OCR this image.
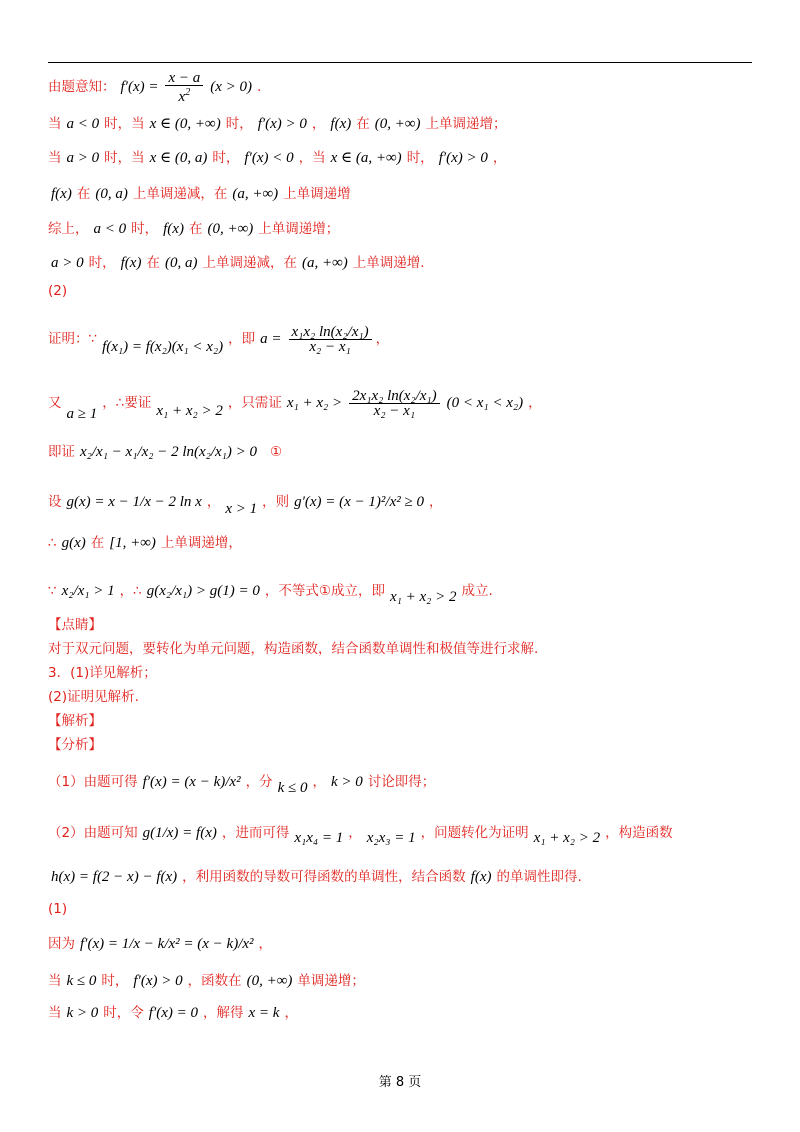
由题意知： $f'(x) = \frac{x - a}{x^2} (x > 0)$ .
当 a < 0 时，当 x ∈ (0, +∞) 时， f′(x) > 0 ， f(x) 在 (0, +∞) 上单调递增；
当 a > 0 时，当 x ∈ (0, a) 时， f′(x) < 0 ，当 x ∈ (a, +∞) 时， f′(x) > 0 ，
f(x) 在 (0, a) 上单调递减，在 (a, +∞) 上单调递增
综上， a < 0 时， f(x) 在 (0, +∞) 上单调递增；
a > 0 时， f(x) 在 (0, a) 上单调递减，在 (a, +∞) 上单调递增.
(2)
证明：∵ f(x₁) = f(x₂)(x₁ < x₂) ，即 $a = \frac{\text{x₁x₂ ln(x₂/x₁)}}{\text{x₂ − x₁}}$ ，
又
a ≥ 1
，∴要证 x₁ + x₂ > 2 ，只需证 $x_1 + x_2 > \frac{\text{2x₁x₂ ln(x₂/x₁)}}{\text{x₂ − x₁}} (0 < x_1 < x_2)$ ，
即证 x₂/x₁ − x₁/x₂ − 2 ln(x₂/x₁) > 0 ①
设 g(x) = x − 1/x − 2 ln x ， x > 1 ，则 g′(x) = (x − 1)²/x² ≥ 0 ，
∴ g(x) 在 [1, +∞) 上单调递增，
∵ x₂/x₁ > 1 ，∴ g(x₂/x₁) > g(1) = 0 ，不等式①成立，即 x₁ + x₂ > 2 成立.
【点睛】
对于双元问题，要转化为单元问题，构造函数，结合函数单调性和极值等进行求解.
3．(1)详见解析；
(2)证明见解析.
【解析】
【分析】
（1）由题可得 f′(x) = (x − k)/x² ，分 k ≤ 0 ， k > 0 讨论即得；
（2）由题可知 g(1/x) = f(x) ，进而可得 x₁x₄ = 1 ， x₂x₃ = 1 ，问题转化为证明 x₁ + x₂ > 2 ，构造函数
h(x) = f(2 − x) − f(x) ，利用函数的导数可得函数的单调性，结合函数 f(x) 的单调性即得.
(1)
因为 f′(x) = 1/x − k/x² = (x − k)/x² ，
当 k ≤ 0 时， f′(x) > 0 ，函数在 (0, +∞) 单调递增；
当 k > 0 时，令 f′(x) = 0 ，解得 x = k ，
第 8 页
